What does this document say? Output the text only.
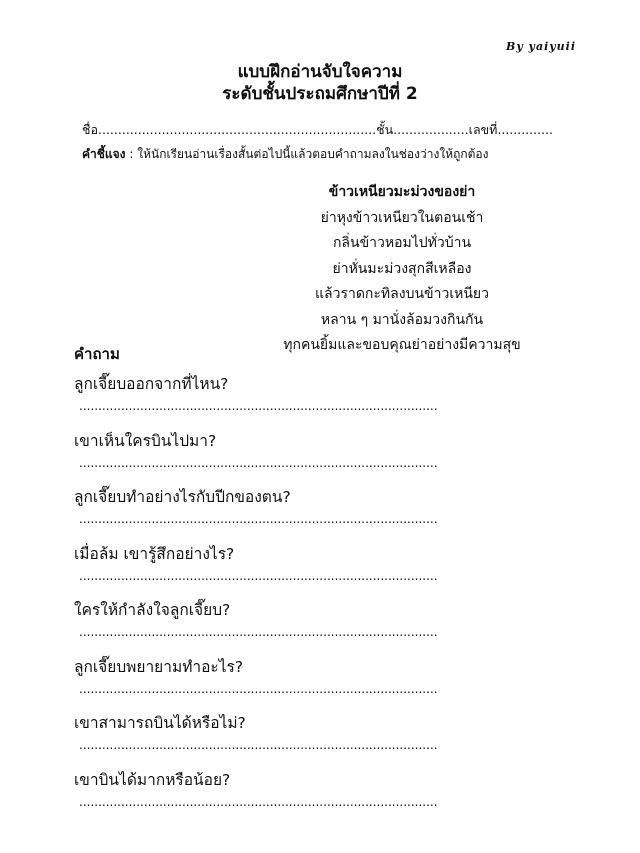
By yaiyuii
แบบฝึกอ่านจับใจความ
ระดับชั้นประถมศึกษาปีที่ 2
ชื่อ......................................................................ชั้น...................เลขที่..............
คำชี้แจง : ให้นักเรียนอ่านเรื่องสั้นต่อไปนี้แล้วตอบคำถามลงในช่องว่างให้ถูกต้อง
ข้าวเหนียวมะม่วงของย่า
ย่าหุงข้าวเหนียวในตอนเช้า
กลิ่นข้าวหอมไปทั่วบ้าน
ย่าหั่นมะม่วงสุกสีเหลือง
แล้วราดกะทิลงบนข้าวเหนียว
หลาน ๆ มานั่งล้อมวงกินกัน
ทุกคนยิ้มและขอบคุณย่าอย่างมีความสุข
คำถาม
ลูกเจี๊ยบออกจากที่ไหน?
..............................................................................................
เขาเห็นใครบินไปมา?
..............................................................................................
ลูกเจี๊ยบทำอย่างไรกับปีกของตน?
..............................................................................................
เมื่อล้ม เขารู้สึกอย่างไร?
..............................................................................................
ใครให้กำลังใจลูกเจี๊ยบ?
..............................................................................................
ลูกเจี๊ยบพยายามทำอะไร?
..............................................................................................
เขาสามารถบินได้หรือไม่?
..............................................................................................
เขาบินได้มากหรือน้อย?
..............................................................................................
